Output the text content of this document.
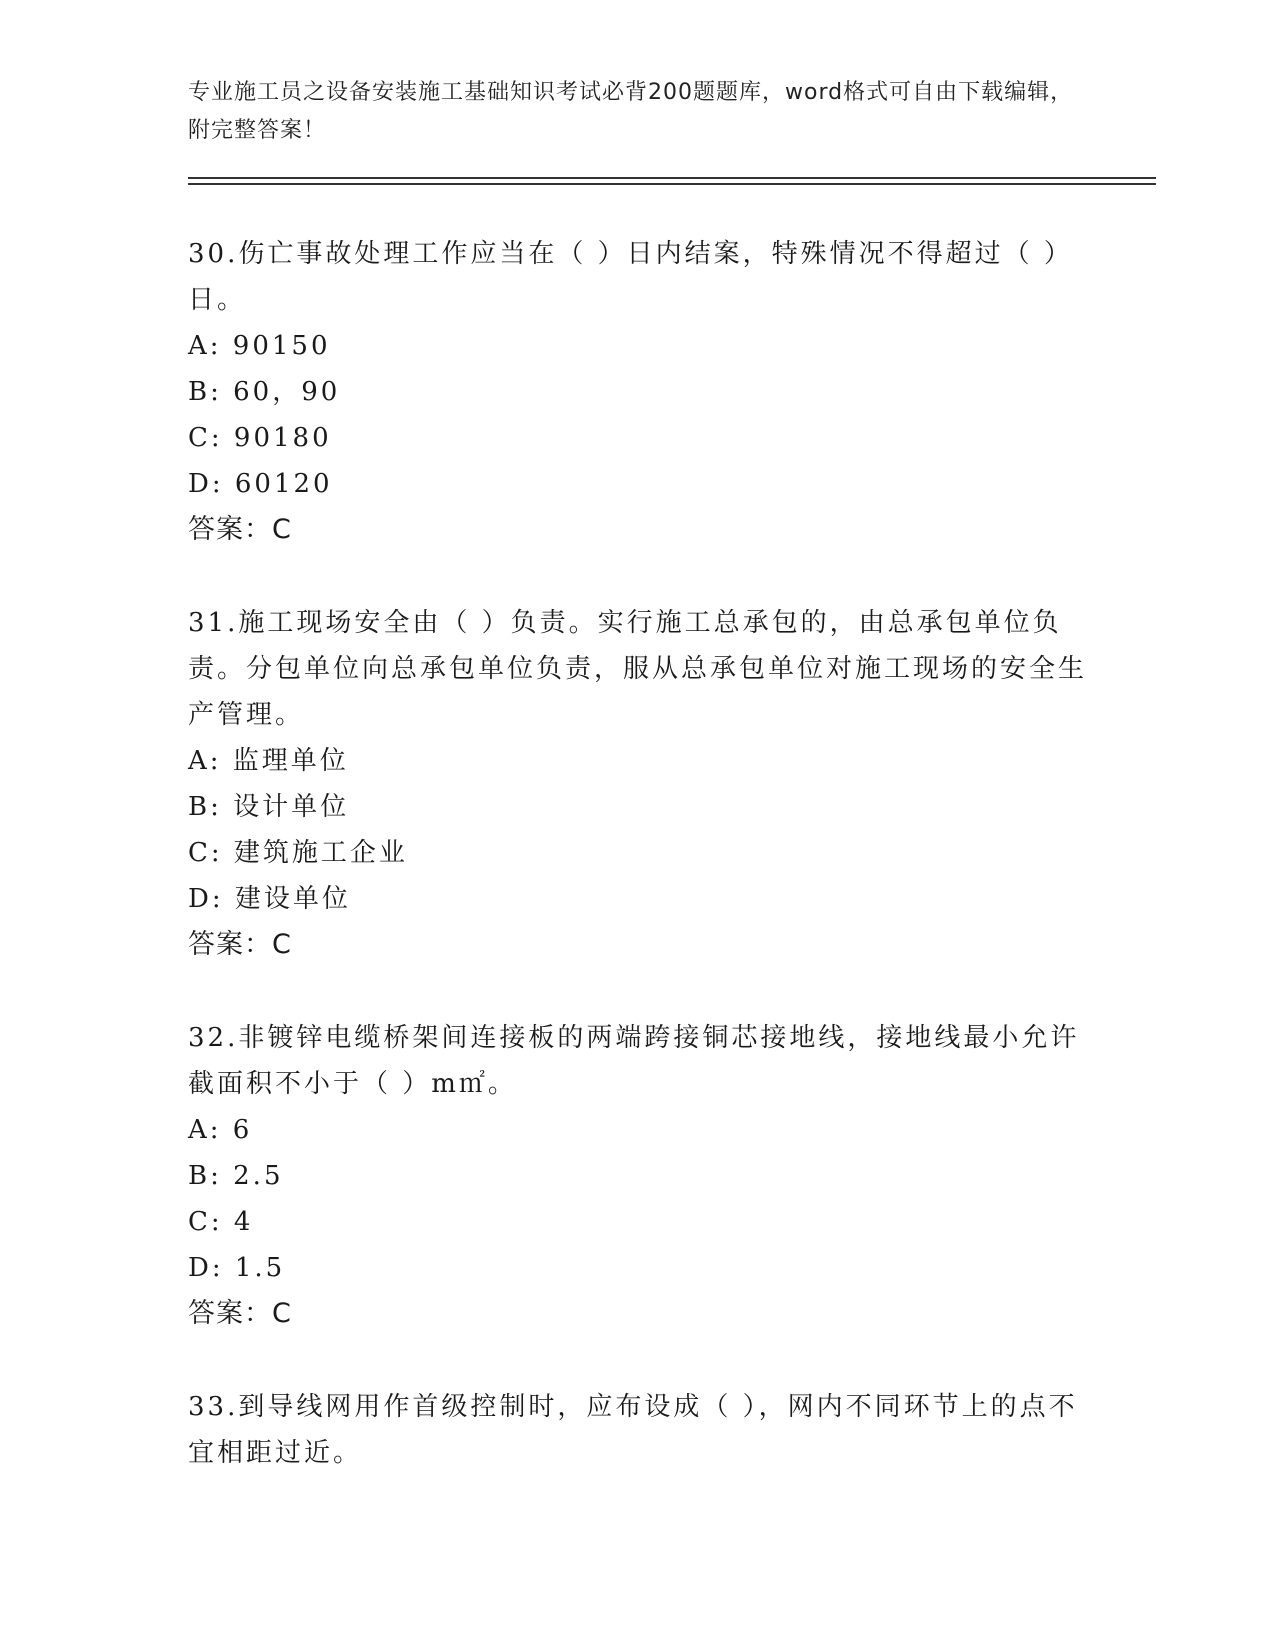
专业施工员之设备安装施工基础知识考试必背200题题库，word格式可自由下载编辑，附完整答案！
30.伤亡事故处理工作应当在（ ）日内结案，特殊情况不得超过（ ）日。
A: 90150
B: 60，90
C: 90180
D: 60120
答案：C
31.施工现场安全由（ ）负责。实行施工总承包的，由总承包单位负责。分包单位向总承包单位负责，服从总承包单位对施工现场的安全生产管理。
A: 监理单位
B: 设计单位
C: 建筑施工企业
D: 建设单位
答案：C
32.非镀锌电缆桥架间连接板的两端跨接铜芯接地线，接地线最小允许截面积不小于（ ）m㎡。
A: 6
B: 2.5
C: 4
D: 1.5
答案：C
33.到导线网用作首级控制时，应布设成（ ），网内不同环节上的点不宜相距过近。
